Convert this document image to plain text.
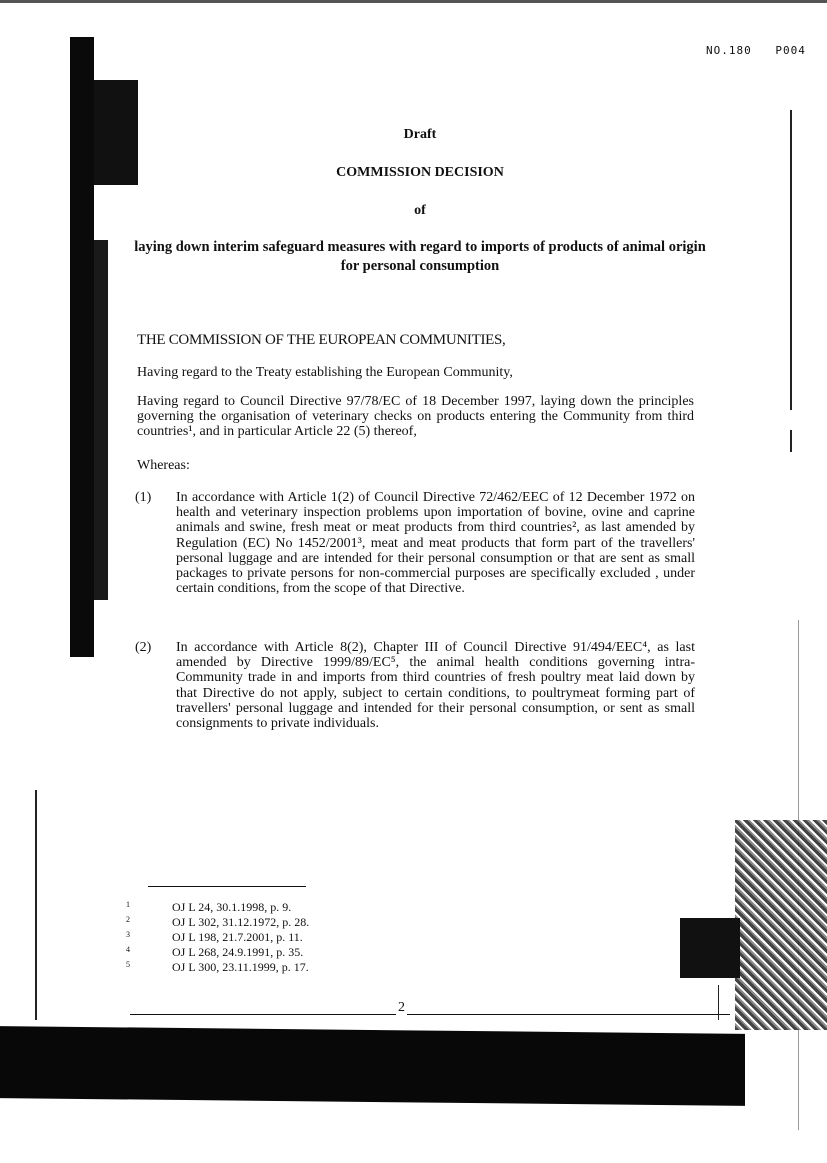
NO.180 P004
Draft
COMMISSION DECISION
of
laying down interim safeguard measures with regard to imports of products of animal origin for personal consumption
THE COMMISSION OF THE EUROPEAN COMMUNITIES,
Having regard to the Treaty establishing the European Community,
Having regard to Council Directive 97/78/EC of 18 December 1997, laying down the principles governing the organisation of veterinary checks on products entering the Community from third countries¹, and in particular Article 22 (5) thereof,
Whereas:
(1)	In accordance with Article 1(2) of Council Directive 72/462/EEC of 12 December 1972 on health and veterinary inspection problems upon importation of bovine, ovine and caprine animals and swine, fresh meat or meat products from third countries², as last amended by Regulation (EC) No 1452/2001³, meat and meat products that form part of the travellers' personal luggage and are intended for their personal consumption or that are sent as small packages to private persons for non-commercial purposes are specifically excluded , under certain conditions, from the scope of that Directive.
(2)	In accordance with Article 8(2), Chapter III of Council Directive 91/494/EEC⁴, as last amended by Directive 1999/89/EC⁵, the animal health conditions governing intra-Community trade in and imports from third countries of fresh poultry meat laid down by that Directive do not apply, subject to certain conditions, to poultrymeat forming part of travellers' personal luggage and intended for their personal consumption, or sent as small consignments to private individuals.
1	OJ L 24, 30.1.1998, p. 9.
2	OJ L 302, 31.12.1972, p. 28.
3	OJ L 198, 21.7.2001, p. 11.
4	OJ L 268, 24.9.1991, p. 35.
5	OJ L 300, 23.11.1999, p. 17.
2
